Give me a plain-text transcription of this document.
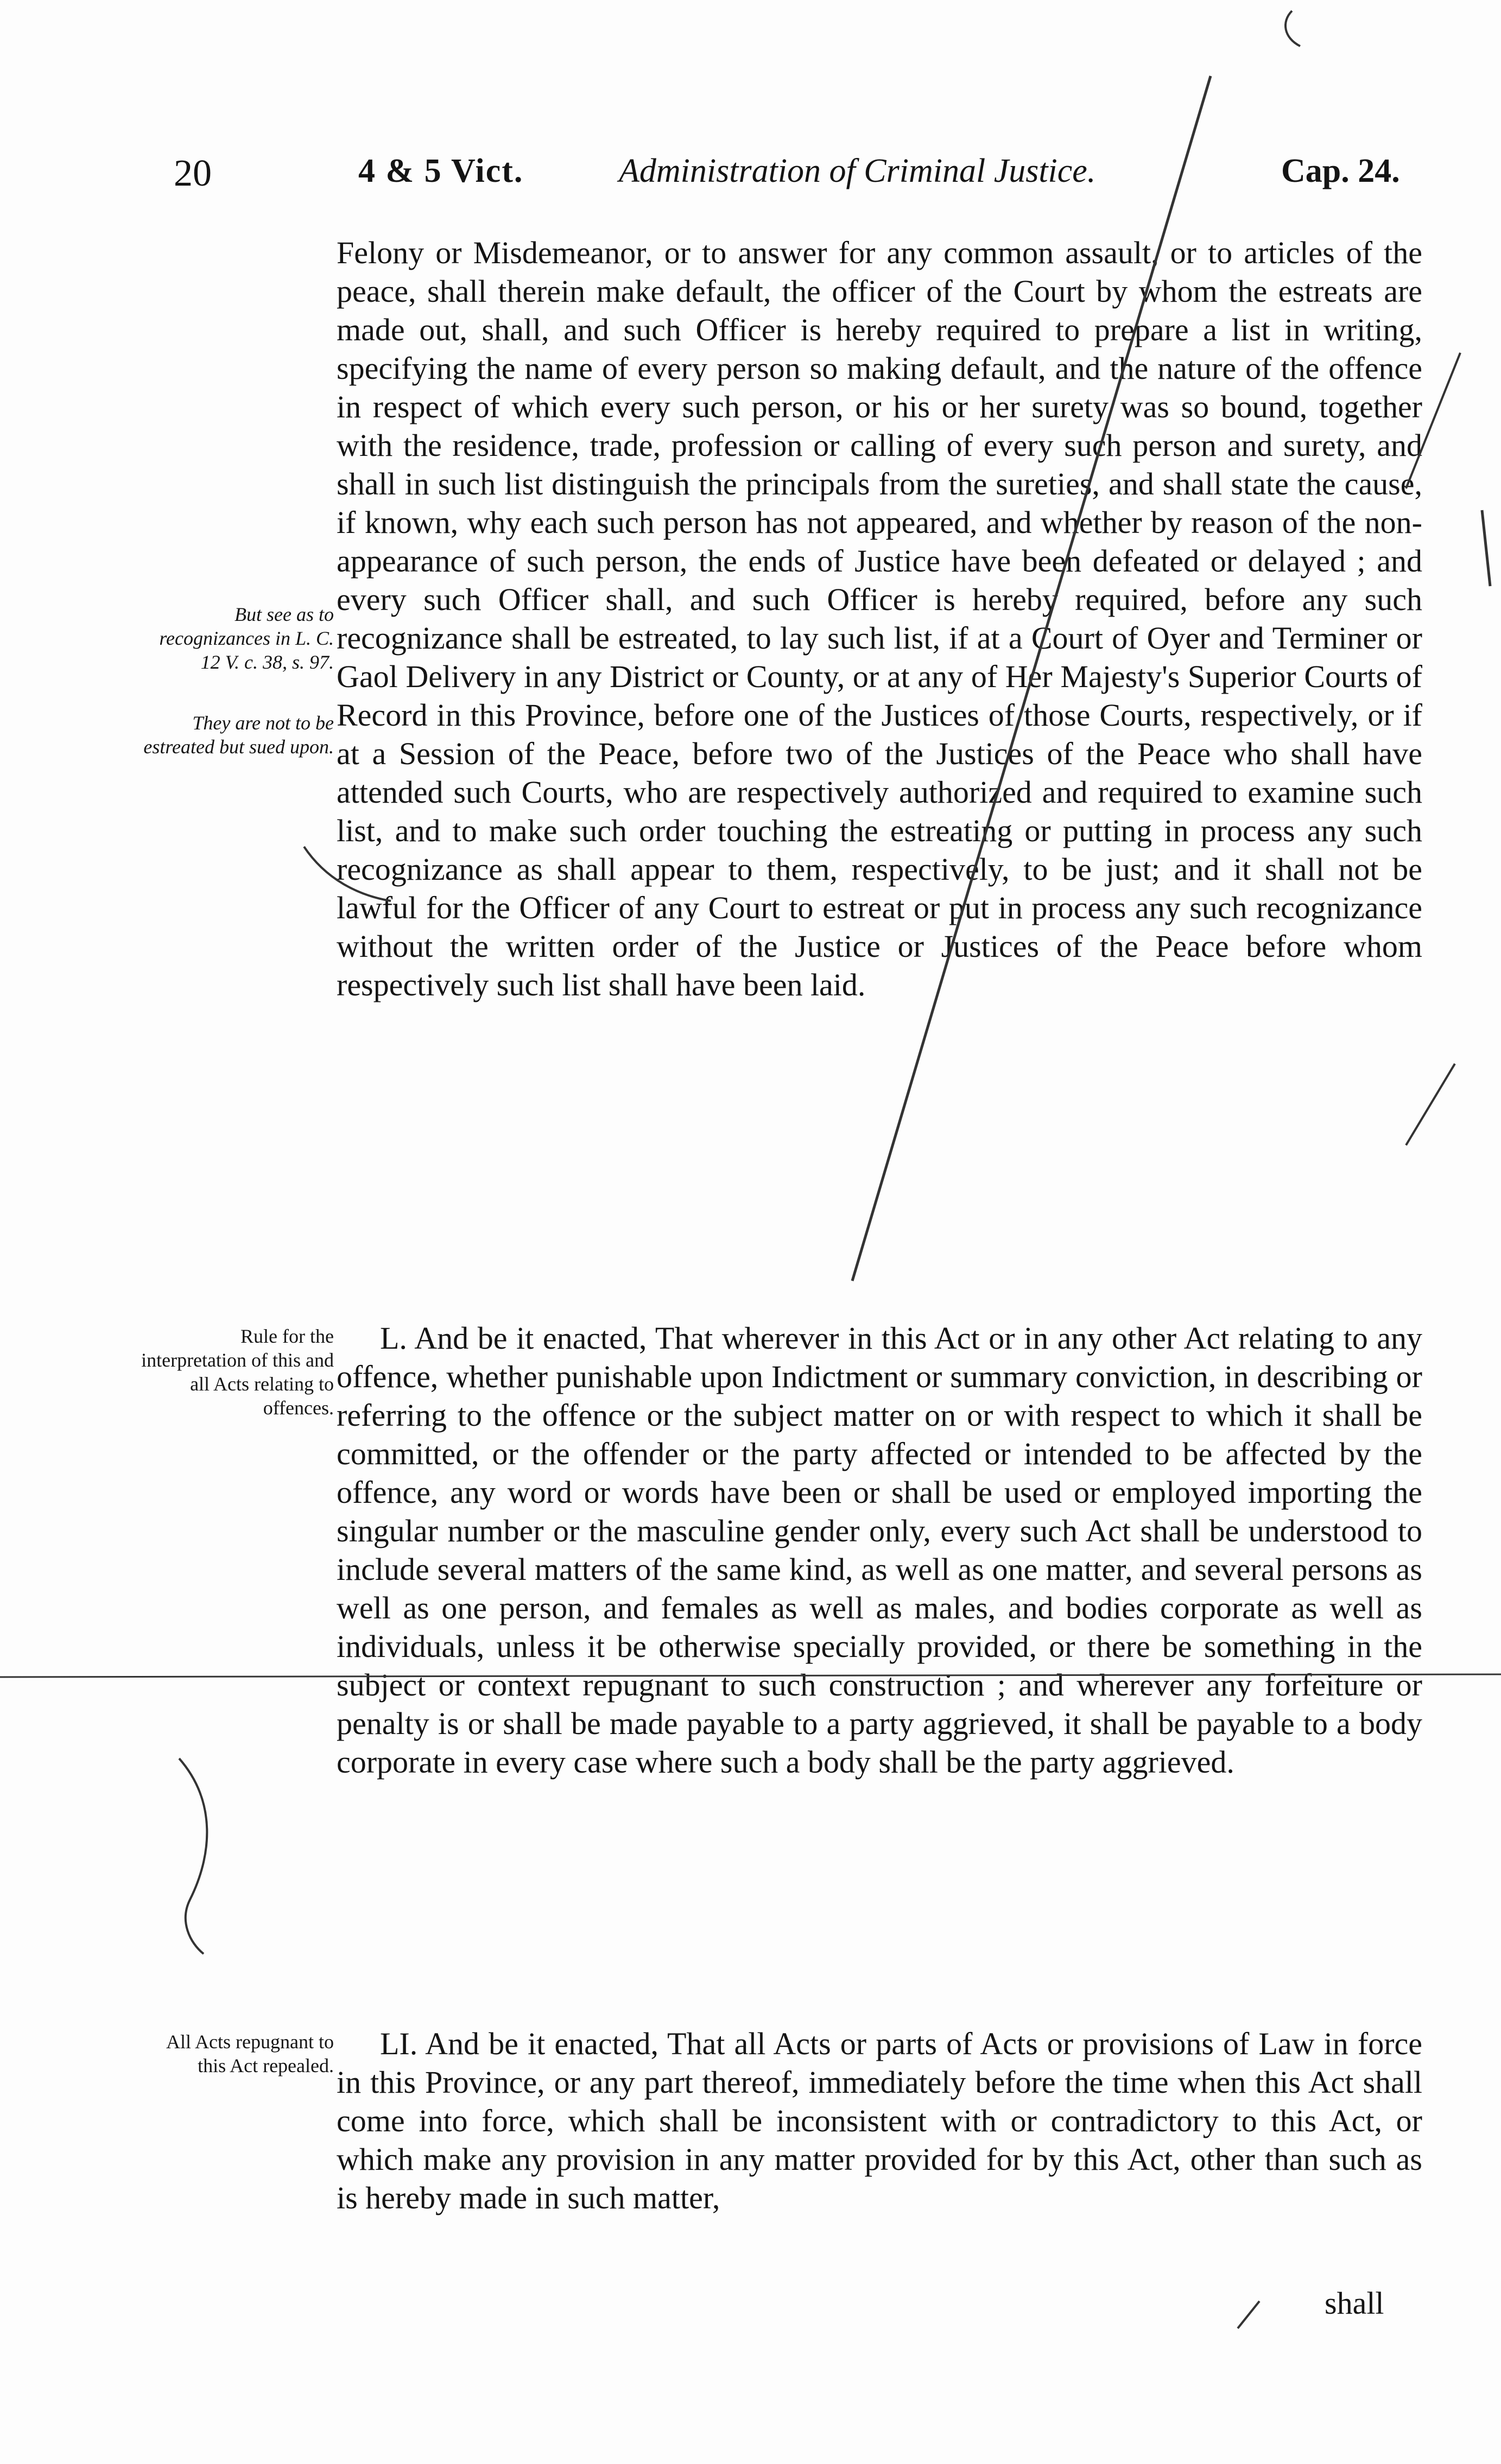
20	4 & 5 Vict.	Administration of Criminal Justice.	Cap. 24.

Felony or Misdemeanor, or to answer for any common assault, or to articles of the peace, shall therein make default, the officer of the Court by whom the estreats are made out, shall, and such Officer is hereby required to prepare a list in writing, specifying the name of every person so making default, and the nature of the offence in respect of which every such person, or his or her surety was so bound, together with the residence, trade, profession or calling of every such person and surety, and shall in such list distinguish the principals from the sureties, and shall state the cause, if known, why each such person has not appeared, and whether by reason of the non-appearance of such person, the ends of Justice have been defeated or delayed ; and every such Officer shall, and such Officer is hereby required, before any such recognizance shall be estreated, to lay such list, if at a Court of Oyer and Terminer or Gaol Delivery in any District or County, or at any of Her Majesty's Superior Courts of Record in this Province, before one of the Justices of those Courts, respectively, or if at a Session of the Peace, before two of the Justices of the Peace who shall have attended such Courts, who are respectively authorized and required to examine such list, and to make such order touching the estreating or putting in process any such recognizance as shall appear to them, respectively, to be just; and it shall not be lawful for the Officer of any Court to estreat or put in process any such recognizance without the written order of the Justice or Justices of the Peace before whom respectively such list shall have been laid.

L. And be it enacted, That wherever in this Act or in any other Act relating to any offence, whether punishable upon Indictment or summary conviction, in describing or referring to the offence or the subject matter on or with respect to which it shall be committed, or the offender or the party affected or intended to be affected by the offence, any word or words have been or shall be used or employed importing the singular number or the masculine gender only, every such Act shall be understood to include several matters of the same kind, as well as one matter, and several persons as well as one person, and females as well as males, and bodies corporate as well as individuals, unless it be otherwise specially provided, or there be something in the subject or context repugnant to such construction ; and wherever any forfeiture or penalty is or shall be made payable to a party aggrieved, it shall be payable to a body corporate in every case where such a body shall be the party aggrieved.

LI. And be it enacted, That all Acts or parts of Acts or provisions of Law in force in this Province, or any part thereof, immediately before the time when this Act shall come into force, which shall be inconsistent with or contradictory to this Act, or which make any provision in any matter provided for by this Act, other than such as is hereby made in such matter,

shall
But see as to recognizances in L. C. 12 V. c. 38, s. 97.
They are not to be estreated but sued upon.
Rule for the interpretation of this and all Acts relating to offences.
All Acts repugnant to this Act repealed.
